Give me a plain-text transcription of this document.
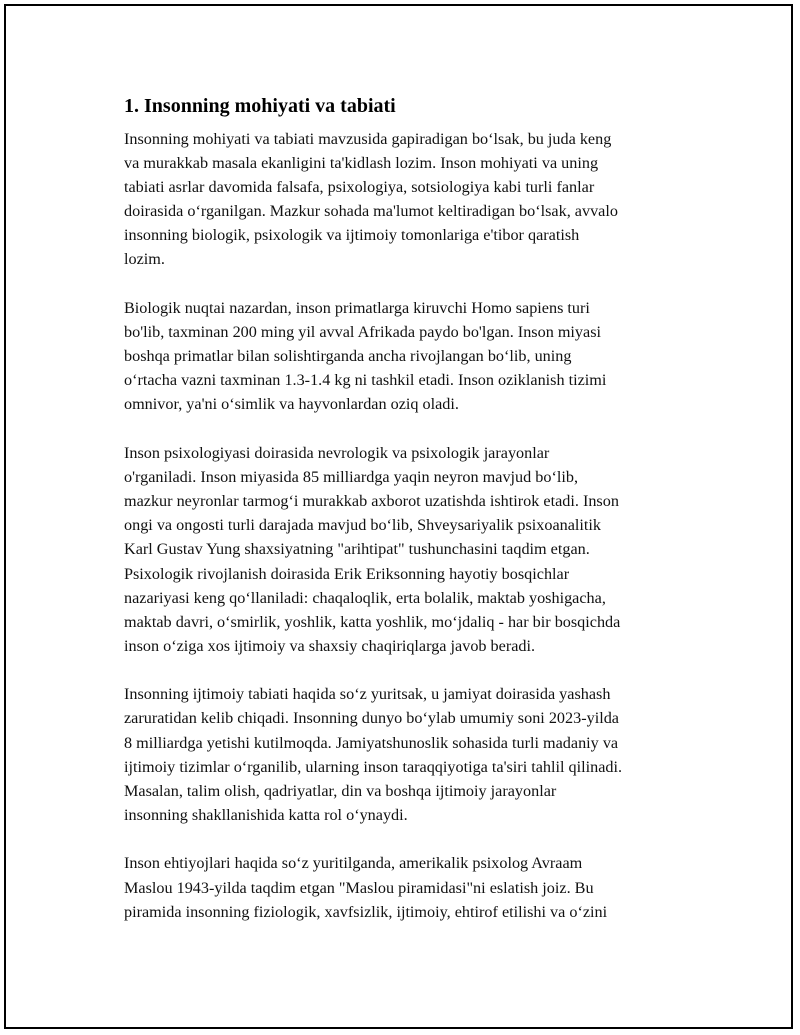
1. Insonning mohiyati va tabiati
Insonning mohiyati va tabiati mavzusida gapiradigan bo‘lsak, bu juda keng
va murakkab masala ekanligini ta'kidlash lozim. Inson mohiyati va uning
tabiati asrlar davomida falsafa, psixologiya, sotsiologiya kabi turli fanlar
doirasida o‘rganilgan. Mazkur sohada ma'lumot keltiradigan bo‘lsak, avvalo
insonning biologik, psixologik va ijtimoiy tomonlariga e'tibor qaratish
lozim.
Biologik nuqtai nazardan, inson primatlarga kiruvchi Homo sapiens turi
bo'lib, taxminan 200 ming yil avval Afrikada paydo bo'lgan. Inson miyasi
boshqa primatlar bilan solishtirganda ancha rivojlangan bo‘lib, uning
o‘rtacha vazni taxminan 1.3-1.4 kg ni tashkil etadi. Inson oziklanish tizimi
omnivor, ya'ni o‘simlik va hayvonlardan oziq oladi.
Inson psixologiyasi doirasida nevrologik va psixologik jarayonlar
o'rganiladi. Inson miyasida 85 milliardga yaqin neyron mavjud bo‘lib,
mazkur neyronlar tarmog‘i murakkab axborot uzatishda ishtirok etadi. Inson
ongi va ongosti turli darajada mavjud bo‘lib, Shveysariyalik psixoanalitik
Karl Gustav Yung shaxsiyatning "arihtipat" tushunchasini taqdim etgan.
Psixologik rivojlanish doirasida Erik Eriksonning hayotiy bosqichlar
nazariyasi keng qo‘llaniladi: chaqaloqlik, erta bolalik, maktab yoshigacha,
maktab davri, o‘smirlik, yoshlik, katta yoshlik, mo‘jdaliq - har bir bosqichda
inson o‘ziga xos ijtimoiy va shaxsiy chaqiriqlarga javob beradi.
Insonning ijtimoiy tabiati haqida so‘z yuritsak, u jamiyat doirasida yashash
zaruratidan kelib chiqadi. Insonning dunyo bo‘ylab umumiy soni 2023-yilda
8 milliardga yetishi kutilmoqda. Jamiyatshunoslik sohasida turli madaniy va
ijtimoiy tizimlar o‘rganilib, ularning inson taraqqiyotiga ta'siri tahlil qilinadi.
Masalan, talim olish, qadriyatlar, din va boshqa ijtimoiy jarayonlar
insonning shakllanishida katta rol o‘ynaydi.
Inson ehtiyojlari haqida so‘z yuritilganda, amerikalik psixolog Avraam
Maslou 1943-yilda taqdim etgan "Maslou piramidasi"ni eslatish joiz. Bu
piramida insonning fiziologik, xavfsizlik, ijtimoiy, ehtirof etilishi va o‘zini
